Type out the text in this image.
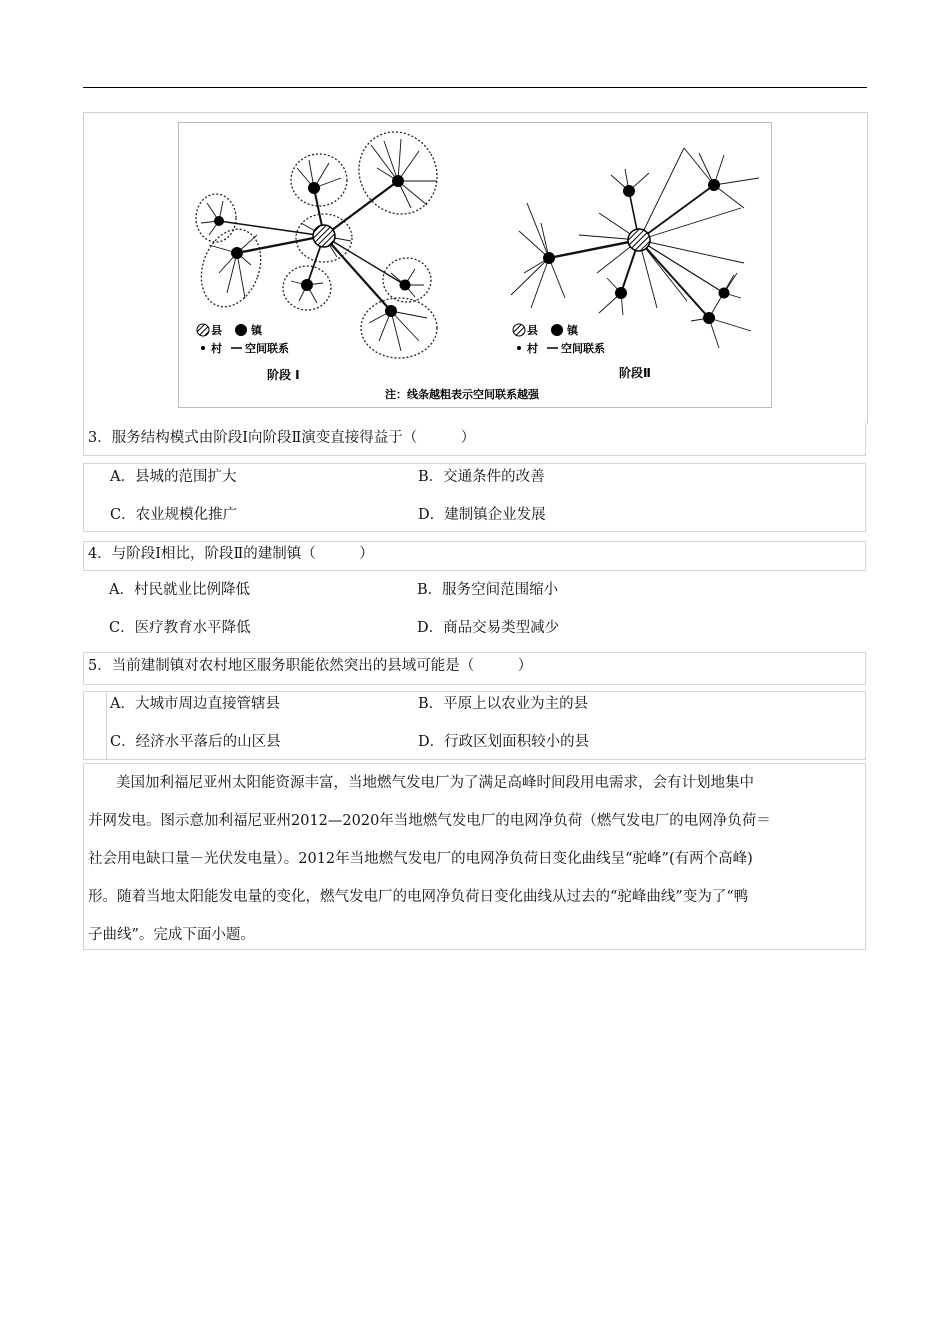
县	镇
村 空间联系
县	镇
村 空间联系
阶段 I	阶段Ⅱ
注：线条越粗表示空间联系越强
3．服务结构模式由阶段Ⅰ向阶段Ⅱ演变直接得益于（　　　）
A．县城的范围扩大	B．交通条件的改善
C．农业规模化推广	D．建制镇企业发展
4．与阶段Ⅰ相比，阶段Ⅱ的建制镇（　　　）
A．村民就业比例降低	B．服务空间范围缩小
C．医疗教育水平降低	D．商品交易类型减少
5．当前建制镇对农村地区服务职能依然突出的县域可能是（　　　）
A．大城市周边直接管辖县	B．平原上以农业为主的县
C．经济水平落后的山区县	D．行政区划面积较小的县
美国加利福尼亚州太阳能资源丰富，当地燃气发电厂为了满足高峰时间段用电需求，会有计划地集中
并网发电。图示意加利福尼亚州2012—2020年当地燃气发电厂的电网净负荷（燃气发电厂的电网净负荷＝
社会用电缺口量－光伏发电量）。2012年当地燃气发电厂的电网净负荷日变化曲线呈“驼峰”(有两个高峰)
形。随着当地太阳能发电量的变化，燃气发电厂的电网净负荷日变化曲线从过去的“驼峰曲线”变为了“鸭
子曲线”。完成下面小题。
